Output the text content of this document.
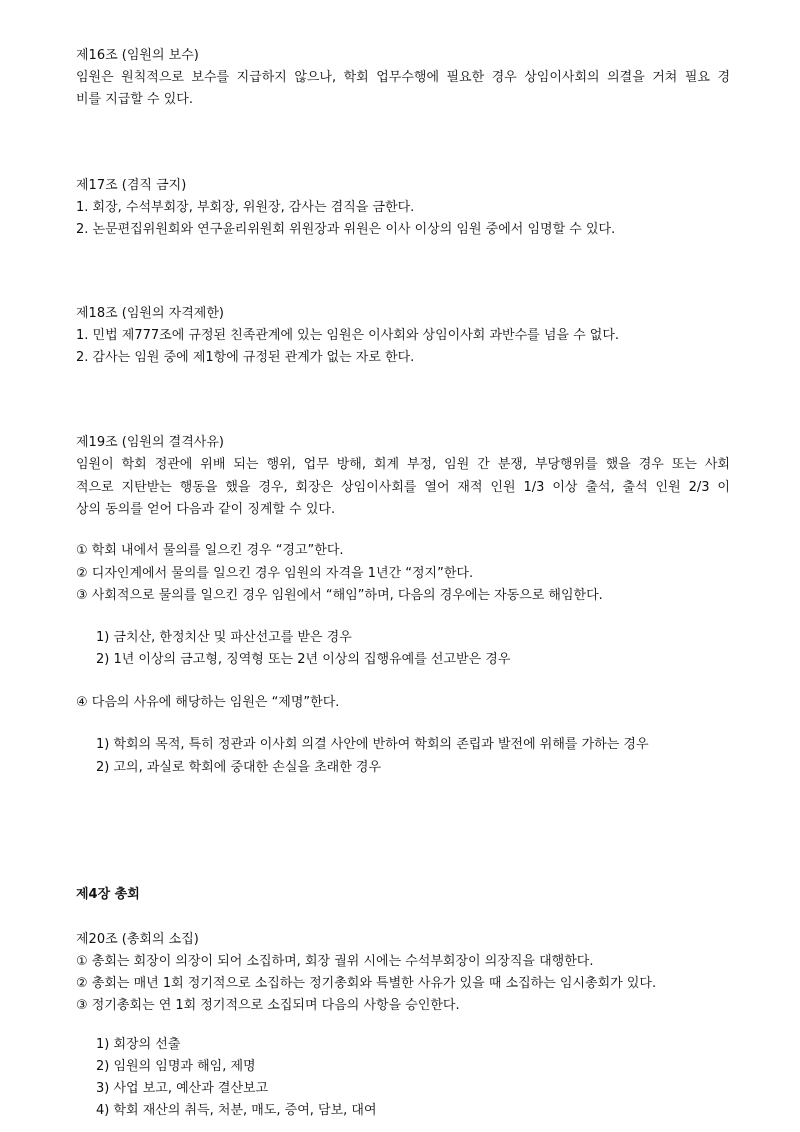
제16조 (임원의 보수)
임원은 원칙적으로 보수를 지급하지 않으나, 학회 업무수행에 필요한 경우 상임이사회의 의결을 거쳐 필요 경
비를 지급할 수 있다.
제17조 (겸직 금지)
1. 회장, 수석부회장, 부회장, 위원장, 감사는 겸직을 금한다.
2. 논문편집위원회와 연구윤리위원회 위원장과 위원은 이사 이상의 임원 중에서 임명할 수 있다.
제18조 (임원의 자격제한)
1. 민법 제777조에 규정된 친족관계에 있는 임원은 이사회와 상임이사회 과반수를 넘을 수 없다.
2. 감사는 임원 중에 제1항에 규정된 관계가 없는 자로 한다.
제19조 (임원의 결격사유)
임원이 학회 정관에 위배 되는 행위, 업무 방해, 회계 부정, 임원 간 분쟁, 부당행위를 했을 경우 또는 사회
적으로 지탄받는 행동을 했을 경우, 회장은 상임이사회를 열어 재적 인원 1/3 이상 출석, 출석 인원 2/3 이
상의 동의를 얻어 다음과 같이 징계할 수 있다.
① 학회 내에서 물의를 일으킨 경우 “경고”한다.
② 디자인계에서 물의를 일으킨 경우 임원의 자격을 1년간 “정지”한다.
③ 사회적으로 물의를 일으킨 경우 임원에서 “해임”하며, 다음의 경우에는 자동으로 해임한다.
1) 금치산, 한정치산 및 파산선고를 받은 경우
2) 1년 이상의 금고형, 징역형 또는 2년 이상의 집행유예를 선고받은 경우
④ 다음의 사유에 해당하는 임원은 “제명”한다.
1) 학회의 목적, 특히 정관과 이사회 의결 사안에 반하여 학회의 존립과 발전에 위해를 가하는 경우
2) 고의, 과실로 학회에 중대한 손실을 초래한 경우
제4장 총회
제20조 (총회의 소집)
① 총회는 회장이 의장이 되어 소집하며, 회장 궐위 시에는 수석부회장이 의장직을 대행한다.
② 총회는 매년 1회 정기적으로 소집하는 정기총회와 특별한 사유가 있을 때 소집하는 임시총회가 있다.
③ 정기총회는 연 1회 정기적으로 소집되며 다음의 사항을 승인한다.
1) 회장의 선출
2) 임원의 임명과 해임, 제명
3) 사업 보고, 예산과 결산보고
4) 학회 재산의 취득, 처분, 매도, 증여, 담보, 대여
